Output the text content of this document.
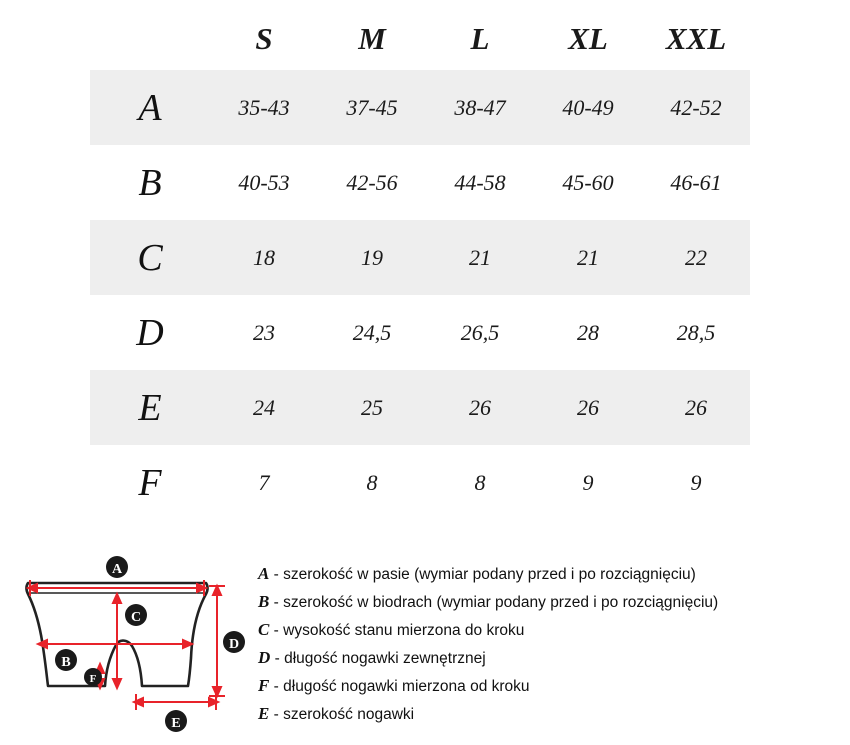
	S	M	L	XL	XXL
A	35-43	37-45	38-47	40-49	42-52
B	40-53	42-56	44-58	45-60	46-61
C	18	19	21	21	22
D	23	24,5	26,5	28	28,5
E	24	25	26	26	26
F	7	8	8	9	9
A
C
B
F
D
E
A - szerokość w pasie (wymiar podany przed i po rozciągnięciu)
B - szerokość w biodrach (wymiar podany przed i po rozciągnięciu)
C - wysokość stanu mierzona do kroku
D - długość nogawki zewnętrznej
F - długość nogawki mierzona od kroku
E - szerokość nogawki
